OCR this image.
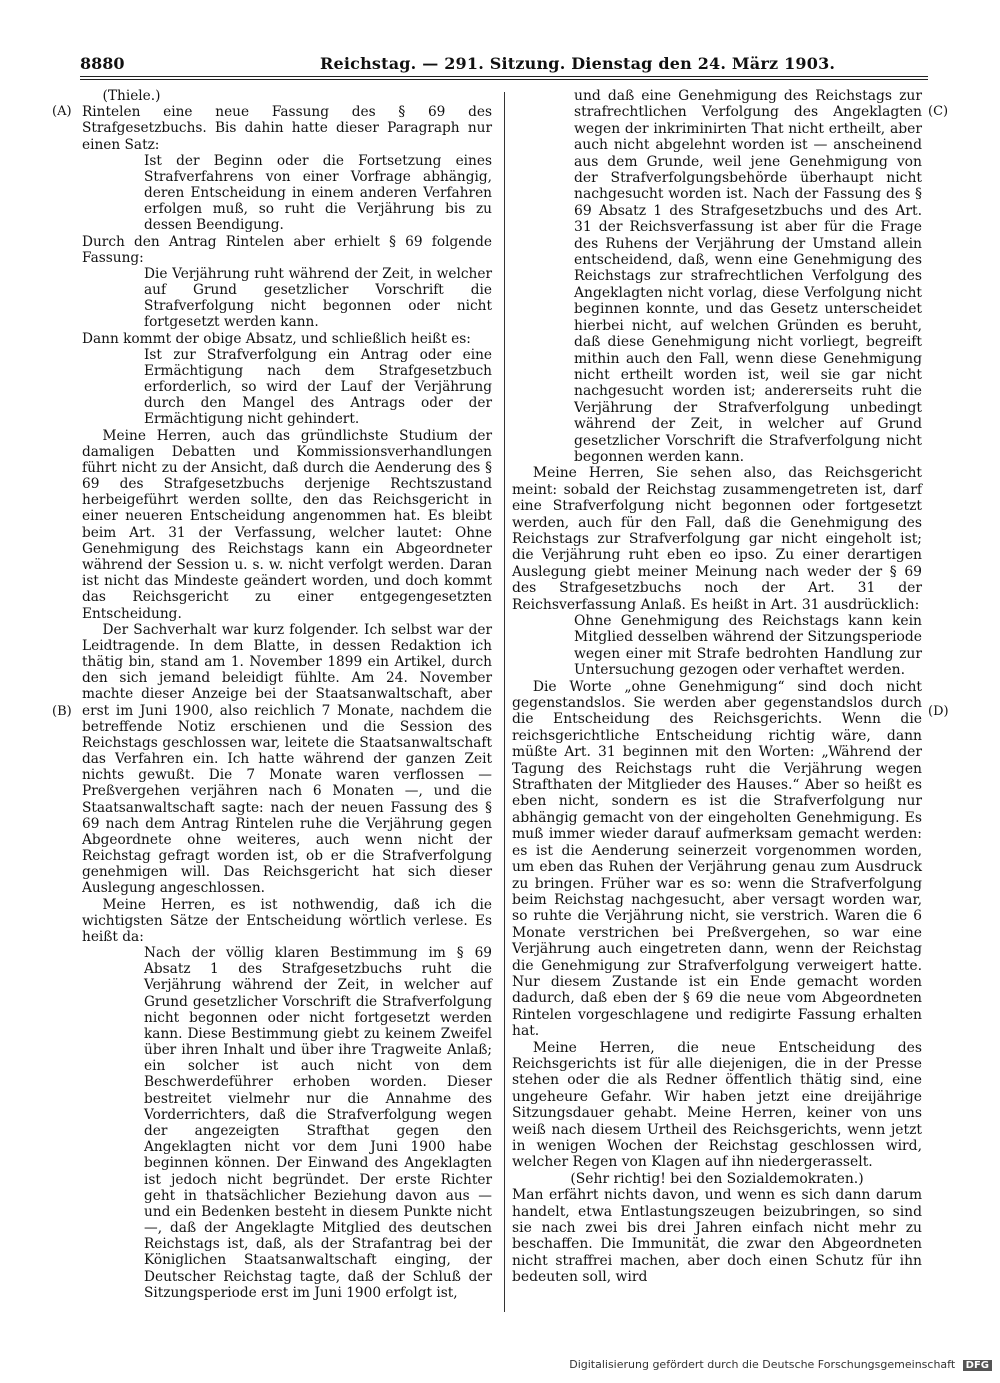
8880	Reichstag. — 291. Sitzung. Dienstag den 24. März 1903.
(A)
(B)
(C)
(D)

(Thiele.)

Rintelen eine neue Fassung des § 69 des Strafgesetzbuchs. Bis dahin hatte dieser Paragraph nur einen Satz:

Ist der Beginn oder die Fortsetzung eines Strafverfahrens von einer Vorfrage abhängig, deren Entscheidung in einem anderen Verfahren erfolgen muß, so ruht die Verjährung bis zu dessen Beendigung.

Durch den Antrag Rintelen aber erhielt § 69 folgende Fassung:

Die Verjährung ruht während der Zeit, in welcher auf Grund gesetzlicher Vorschrift die Strafverfolgung nicht begonnen oder nicht fortgesetzt werden kann.

Dann kommt der obige Absatz, und schließlich heißt es:

Ist zur Strafverfolgung ein Antrag oder eine Ermächtigung nach dem Strafgesetzbuch erforderlich, so wird der Lauf der Verjährung durch den Mangel des Antrags oder der Ermächtigung nicht gehindert.

Meine Herren, auch das gründlichste Studium der damaligen Debatten und Kommissionsverhandlungen führt nicht zu der Ansicht, daß durch die Aenderung des § 69 des Strafgesetzbuchs derjenige Rechtszustand herbeigeführt werden sollte, den das Reichsgericht in einer neueren Entscheidung angenommen hat. Es bleibt beim Art. 31 der Verfassung, welcher lautet: Ohne Genehmigung des Reichstags kann ein Abgeordneter während der Session u. s. w. nicht verfolgt werden. Daran ist nicht das Mindeste geändert worden, und doch kommt das Reichsgericht zu einer entgegengesetzten Entscheidung.

Der Sachverhalt war kurz folgender. Ich selbst war der Leidtragende. In dem Blatte, in dessen Redaktion ich thätig bin, stand am 1. November 1899 ein Artikel, durch den sich jemand beleidigt fühlte. Am 24. November machte dieser Anzeige bei der Staatsanwaltschaft, aber erst im Juni 1900, also reichlich 7 Monate, nachdem die betreffende Notiz erschienen und die Session des Reichstags geschlossen war, leitete die Staatsanwaltschaft das Verfahren ein. Ich hatte während der ganzen Zeit nichts gewußt. Die 7 Monate waren verflossen — Preßvergehen verjähren nach 6 Monaten —, und die Staatsanwaltschaft sagte: nach der neuen Fassung des § 69 nach dem Antrag Rintelen ruhe die Verjährung gegen Abgeordnete ohne weiteres, auch wenn nicht der Reichstag gefragt worden ist, ob er die Strafverfolgung genehmigen will. Das Reichsgericht hat sich dieser Auslegung angeschlossen.

Meine Herren, es ist nothwendig, daß ich die wichtigsten Sätze der Entscheidung wörtlich verlese. Es heißt da:

Nach der völlig klaren Bestimmung im § 69 Absatz 1 des Strafgesetzbuchs ruht die Verjährung während der Zeit, in welcher auf Grund gesetzlicher Vorschrift die Strafverfolgung nicht begonnen oder nicht fortgesetzt werden kann. Diese Bestimmung giebt zu keinem Zweifel über ihren Inhalt und über ihre Tragweite Anlaß; ein solcher ist auch nicht von dem Beschwerdeführer erhoben worden. Dieser bestreitet vielmehr nur die Annahme des Vorderrichters, daß die Strafverfolgung wegen der angezeigten Strafthat gegen den Angeklagten nicht vor dem Juni 1900 habe beginnen können. Der Einwand des Angeklagten ist jedoch nicht begründet. Der erste Richter geht in thatsächlicher Beziehung davon aus — und ein Bedenken besteht in diesem Punkte nicht —, daß der Angeklagte Mitglied des deutschen Reichstags ist, daß, als der Strafantrag bei der Königlichen Staatsanwaltschaft einging, der Deutscher Reichstag tagte, daß der Schluß der Sitzungsperiode erst im Juni 1900 erfolgt ist,

und daß eine Genehmigung des Reichstags zur strafrechtlichen Verfolgung des Angeklagten wegen der inkriminirten That nicht ertheilt, aber auch nicht abgelehnt worden ist — anscheinend aus dem Grunde, weil jene Genehmigung von der Strafverfolgungsbehörde überhaupt nicht nachgesucht worden ist. Nach der Fassung des § 69 Absatz 1 des Strafgesetzbuchs und des Art. 31 der Reichsverfassung ist aber für die Frage des Ruhens der Verjährung der Umstand allein entscheidend, daß, wenn eine Genehmigung des Reichstags zur strafrechtlichen Verfolgung des Angeklagten nicht vorlag, diese Verfolgung nicht beginnen konnte, und das Gesetz unterscheidet hierbei nicht, auf welchen Gründen es beruht, daß diese Genehmigung nicht vorliegt, begreift mithin auch den Fall, wenn diese Genehmigung nicht ertheilt worden ist, weil sie gar nicht nachgesucht worden ist; andererseits ruht die Verjährung der Strafverfolgung unbedingt während der Zeit, in welcher auf Grund gesetzlicher Vorschrift die Strafverfolgung nicht begonnen werden kann.

Meine Herren, Sie sehen also, das Reichsgericht meint: sobald der Reichstag zusammengetreten ist, darf eine Strafverfolgung nicht begonnen oder fortgesetzt werden, auch für den Fall, daß die Genehmigung des Reichstags zur Strafverfolgung gar nicht eingeholt ist; die Verjährung ruht eben eo ipso. Zu einer derartigen Auslegung giebt meiner Meinung nach weder der § 69 des Strafgesetzbuchs noch der Art. 31 der Reichsverfassung Anlaß. Es heißt in Art. 31 ausdrücklich:

Ohne Genehmigung des Reichstags kann kein Mitglied desselben während der Sitzungsperiode wegen einer mit Strafe bedrohten Handlung zur Untersuchung gezogen oder verhaftet werden.

Die Worte „ohne Genehmigung“ sind doch nicht gegenstandslos. Sie werden aber gegenstandslos durch die Entscheidung des Reichsgerichts. Wenn die reichsgerichtliche Entscheidung richtig wäre, dann müßte Art. 31 beginnen mit den Worten: „Während der Tagung des Reichstags ruht die Verjährung wegen Strafthaten der Mitglieder des Hauses.“ Aber so heißt es eben nicht, sondern es ist die Strafverfolgung nur abhängig gemacht von der eingeholten Genehmigung. Es muß immer wieder darauf aufmerksam gemacht werden: es ist die Aenderung seinerzeit vorgenommen worden, um eben das Ruhen der Verjährung genau zum Ausdruck zu bringen. Früher war es so: wenn die Strafverfolgung beim Reichstag nachgesucht, aber versagt worden war, so ruhte die Verjährung nicht, sie verstrich. Waren die 6 Monate verstrichen bei Preßvergehen, so war eine Verjährung auch eingetreten dann, wenn der Reichstag die Genehmigung zur Strafverfolgung verweigert hatte. Nur diesem Zustande ist ein Ende gemacht worden dadurch, daß eben der § 69 die neue vom Abgeordneten Rintelen vorgeschlagene und redigirte Fassung erhalten hat.

Meine Herren, die neue Entscheidung des Reichsgerichts ist für alle diejenigen, die in der Presse stehen oder die als Redner öffentlich thätig sind, eine ungeheure Gefahr. Wir haben jetzt eine dreijährige Sitzungsdauer gehabt. Meine Herren, keiner von uns weiß nach diesem Urtheil des Reichsgerichts, wenn jetzt in wenigen Wochen der Reichstag geschlossen wird, welcher Regen von Klagen auf ihn niedergerasselt.

(Sehr richtig! bei den Sozialdemokraten.)

Man erfährt nichts davon, und wenn es sich dann darum handelt, etwa Entlastungszeugen beizubringen, so sind sie nach zwei bis drei Jahren einfach nicht mehr zu beschaffen. Die Immunität, die zwar den Abgeordneten nicht straffrei machen, aber doch einen Schutz für ihn bedeuten soll, wird

Digitalisierung gefördert durch die Deutsche Forschungsgemeinschaft DFG
